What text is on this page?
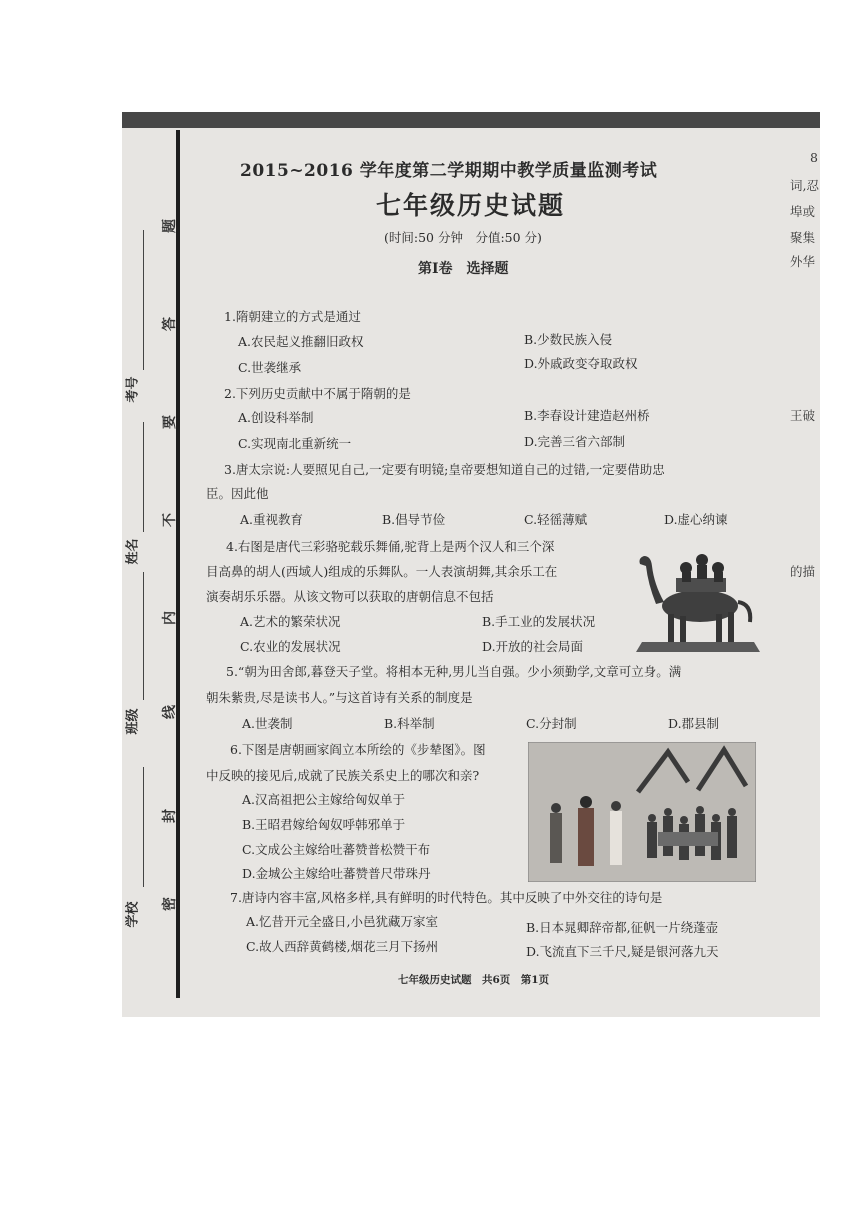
学校
班级
姓名
考号
密
封
线
内
不
要
答
题
2015~2016 学年度第二学期期中教学质量监测考试
七年级历史试题
(时间:50 分钟　分值:50 分)
第Ⅰ卷　选择题
1.隋朝建立的方式是通过
A.农民起义推翻旧政权	B.少数民族入侵
C.世袭继承	D.外戚政变夺取政权
2.下列历史贡献中不属于隋朝的是
A.创设科举制	B.李春设计建造赵州桥
C.实现南北重新统一	D.完善三省六部制
3.唐太宗说:人要照见自己,一定要有明镜;皇帝要想知道自己的过错,一定要借助忠
臣。因此他
A.重视教育	B.倡导节俭	C.轻徭薄赋	D.虚心纳谏
4.右图是唐代三彩骆驼载乐舞俑,驼背上是两个汉人和三个深
目高鼻的胡人(西域人)组成的乐舞队。一人表演胡舞,其余乐工在
演奏胡乐乐器。从该文物可以获取的唐朝信息不包括
A.艺术的繁荣状况	B.手工业的发展状况
C.农业的发展状况	D.开放的社会局面
5.“朝为田舍郎,暮登天子堂。将相本无种,男儿当自强。少小须勤学,文章可立身。满
朝朱紫贵,尽是读书人。”与这首诗有关系的制度是
A.世袭制	B.科举制	C.分封制	D.郡县制
6.下图是唐朝画家阎立本所绘的《步辇图》。图
中反映的接见后,成就了民族关系史上的哪次和亲?
A.汉高祖把公主嫁给匈奴单于
B.王昭君嫁给匈奴呼韩邪单于
C.文成公主嫁给吐蕃赞普松赞干布
D.金城公主嫁给吐蕃赞普尺带珠丹
7.唐诗内容丰富,风格多样,具有鲜明的时代特色。其中反映了中外交往的诗句是
A.忆昔开元全盛日,小邑犹藏万家室	B.日本晁卿辞帝都,征帆一片绕蓬壶
C.故人西辞黄鹤楼,烟花三月下扬州	D.飞流直下三千尺,疑是银河落九天
七年级历史试题　共6页　第1页
8
词,忍
埠或
聚集
外华
王破
的描
